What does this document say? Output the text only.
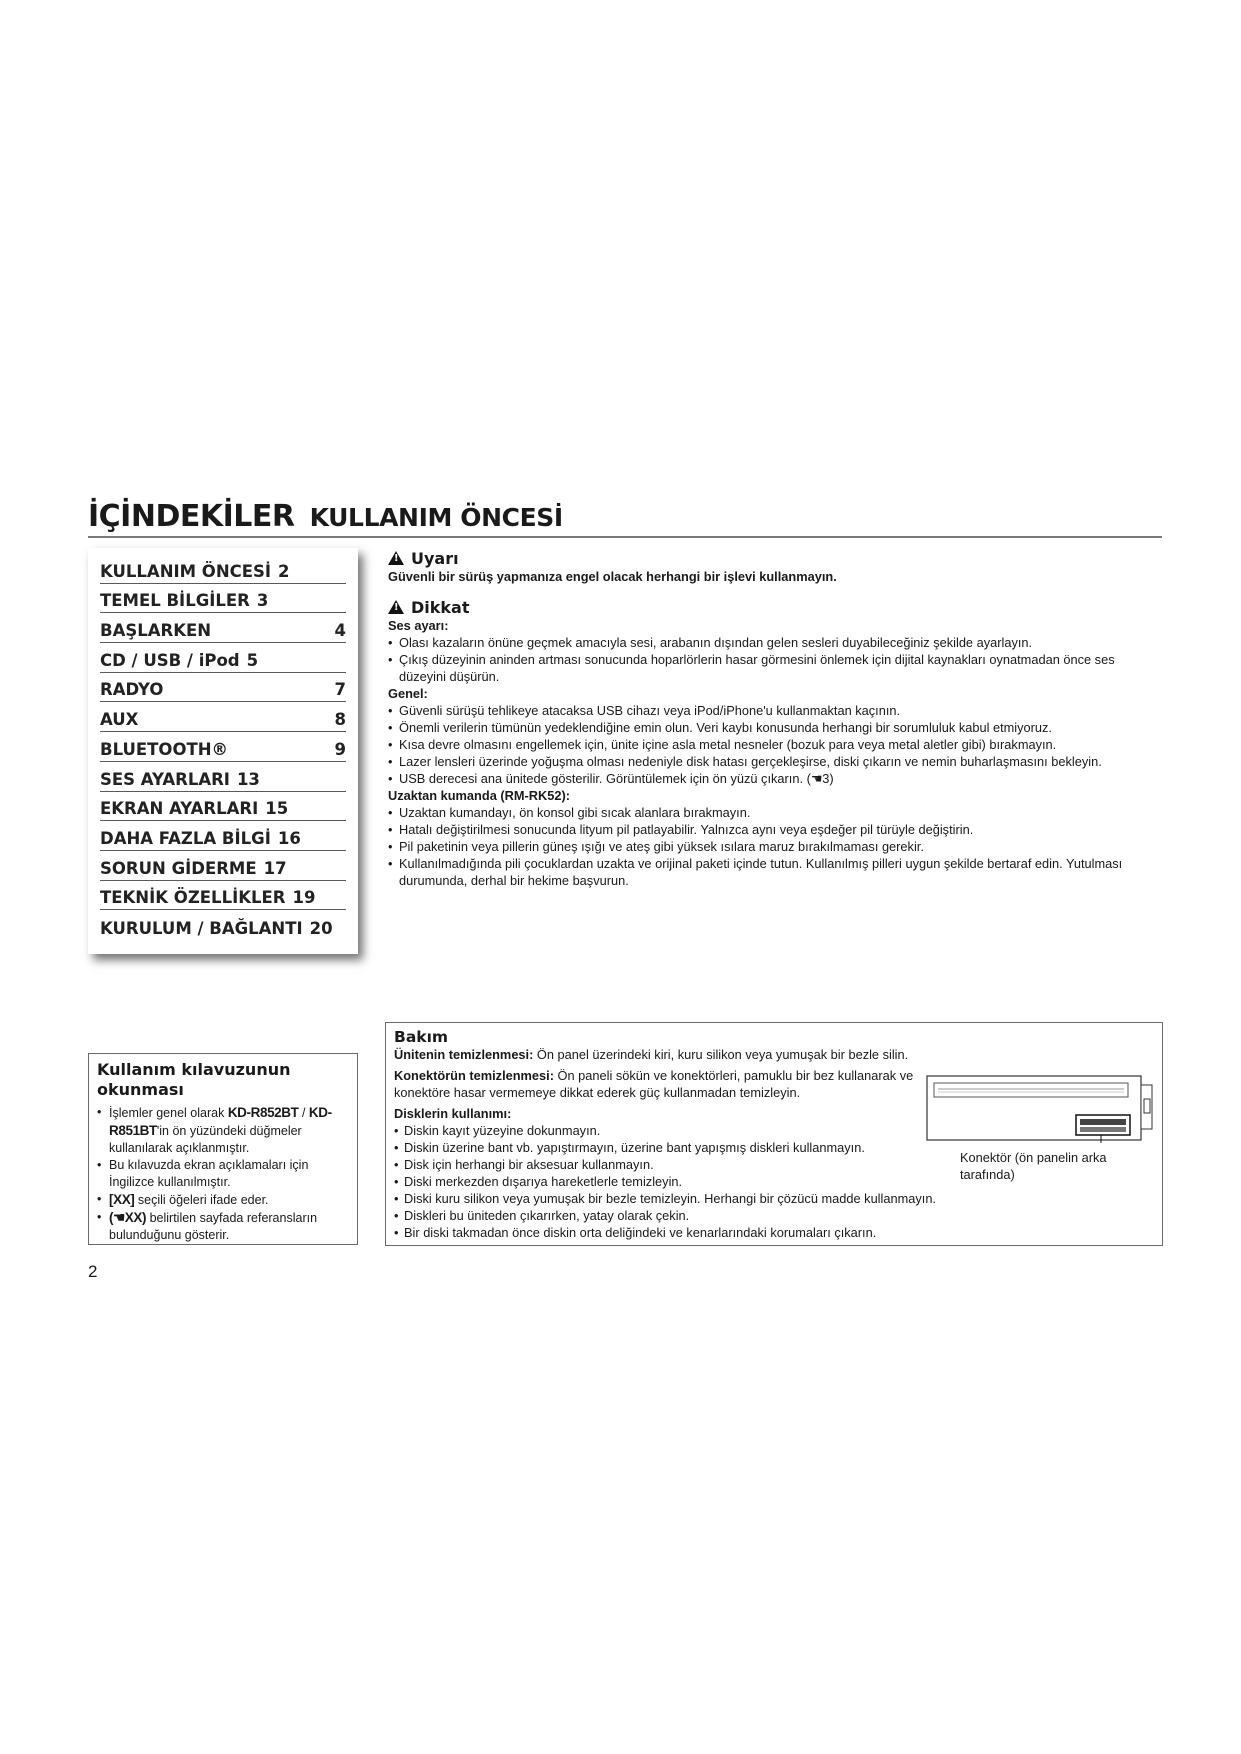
İÇİNDEKİLER KULLANIM ÖNCESİ
KULLANIM ÖNCESİ 2
TEMEL BİLGİLER 3
BAŞLARKEN	4
CD / USB / iPod 5
RADYO	7
AUX	8
BLUETOOTH®	9
SES AYARLARI 13
EKRAN AYARLARI 15
DAHA FAZLA BİLGİ 16
SORUN GİDERME 17
TEKNİK ÖZELLİKLER 19
KURULUM / BAĞLANTI 20
!
Uyarı

Güvenli bir sürüş yapmanıza engel olacak herhangi bir işlevi kullanmayın.

!
Dikkat

Ses ayarı:

• Olası kazaların önüne geçmek amacıyla sesi, arabanın dışından gelen sesleri duyabileceğiniz şekilde ayarlayın.
• Çıkış düzeyinin aninden artması sonucunda hoparlörlerin hasar görmesini önlemek için dijital kaynakları oynatmadan önce ses düzeyini düşürün.

Genel:

• Güvenli sürüşü tehlikeye atacaksa USB cihazı veya iPod/iPhone'u kullanmaktan kaçının.
• Önemli verilerin tümünün yedeklendiğine emin olun. Veri kaybı konusunda herhangi bir sorumluluk kabul etmiyoruz.
• Kısa devre olmasını engellemek için, ünite içine asla metal nesneler (bozuk para veya metal aletler gibi) bırakmayın.
• Lazer lensleri üzerinde yoğuşma olması nedeniyle disk hatası gerçekleşirse, diski çıkarın ve nemin buharlaşmasını bekleyin.
• USB derecesi ana ünitede gösterilir. Görüntülemek için ön yüzü çıkarın. (☚3)

Uzaktan kumanda (RM-RK52):

• Uzaktan kumandayı, ön konsol gibi sıcak alanlara bırakmayın.
• Hatalı değiştirilmesi sonucunda lityum pil patlayabilir. Yalnızca aynı veya eşdeğer pil türüyle değiştirin.
• Pil paketinin veya pillerin güneş ışığı ve ateş gibi yüksek ısılara maruz bırakılmaması gerekir.
• Kullanılmadığında pili çocuklardan uzakta ve orijinal paketi içinde tutun. Kullanılmış pilleri uygun şekilde bertaraf edin. Yutulması durumunda, derhal bir hekime başvurun.

Bakım

Ünitenin temizlenmesi: Ön panel üzerindeki kiri, kuru silikon veya yumuşak bir bezle silin.

Konektörün temizlenmesi: Ön paneli sökün ve konektörleri, pamuklu bir bez kullanarak ve konektöre hasar vermemeye dikkat ederek güç kullanmadan temizleyin.

Disklerin kullanımı:

• Diskin kayıt yüzeyine dokunmayın.
• Diskin üzerine bant vb. yapıştırmayın, üzerine bant yapışmış diskleri kullanmayın.
• Disk için herhangi bir aksesuar kullanmayın.
• Diski merkezden dışarıya hareketlerle temizleyin.
• Diski kuru silikon veya yumuşak bir bezle temizleyin. Herhangi bir çözücü madde kullanmayın.
• Diskleri bu üniteden çıkarırken, yatay olarak çekin.
• Bir diski takmadan önce diskin orta deliğindeki ve kenarlarındaki korumaları çıkarın.
Konektör (ön panelin arka tarafında)

Kullanım kılavuzunun okunması

• İşlemler genel olarak KD-R852BT / KD-R851BT'in ön yüzündeki düğmeler kullanılarak açıklanmıştır.
• Bu kılavuzda ekran açıklamaları için İngilizce kullanılmıştır.
• [XX] seçili öğeleri ifade eder.
• (☚XX) belirtilen sayfada referansların bulunduğunu gösterir.
2
